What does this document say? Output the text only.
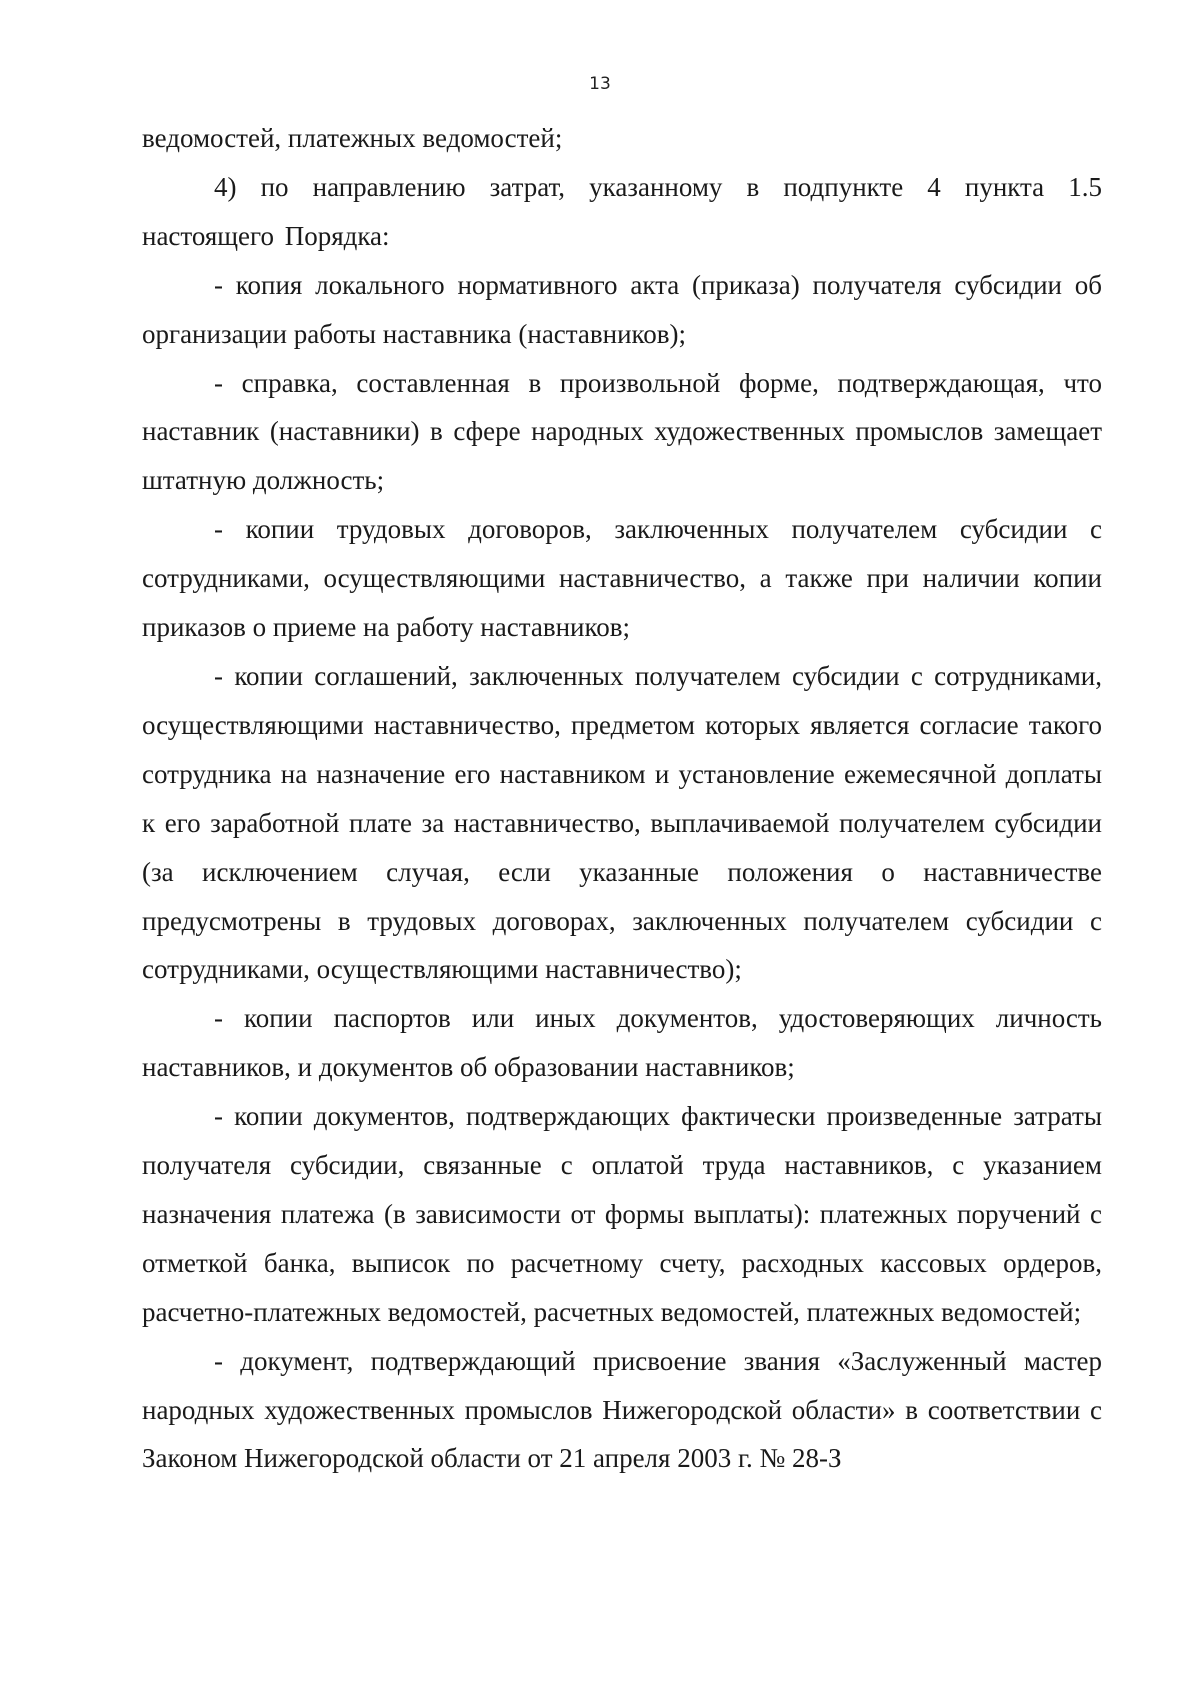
13

ведомостей, платежных ведомостей;

4) по направлению затрат, указанному в подпункте 4 пункта 1.5 настоящего Порядка:

- копия локального нормативного акта (приказа) получателя субсидии об организации работы наставника (наставников);

- справка, составленная в произвольной форме, подтверждающая, что наставник (наставники) в сфере народных художественных промыслов замещает штатную должность;

- копии трудовых договоров, заключенных получателем субсидии с сотрудниками, осуществляющими наставничество, а также при наличии копии приказов о приеме на работу наставников;

- копии соглашений, заключенных получателем субсидии с сотрудниками, осуществляющими наставничество, предметом которых является согласие такого сотрудника на назначение его наставником и установление ежемесячной доплаты к его заработной плате за наставничество, выплачиваемой получателем субсидии (за исключением случая, если указанные положения о наставничестве предусмотрены в трудовых договорах, заключенных получателем субсидии с сотрудниками, осуществляющими наставничество);

- копии паспортов или иных документов, удостоверяющих личность наставников, и документов об образовании наставников;

- копии документов, подтверждающих фактически произведенные затраты получателя субсидии, связанные с оплатой труда наставников, с указанием назначения платежа (в зависимости от формы выплаты): платежных поручений с отметкой банка, выписок по расчетному счету, расходных кассовых ордеров, расчетно-платежных ведомостей, расчетных ведомостей, платежных ведомостей;

- документ, подтверждающий присвоение звания «Заслуженный мастер народных художественных промыслов Нижегородской области» в соответствии с Законом Нижегородской области от 21 апреля 2003 г. № 28-З
